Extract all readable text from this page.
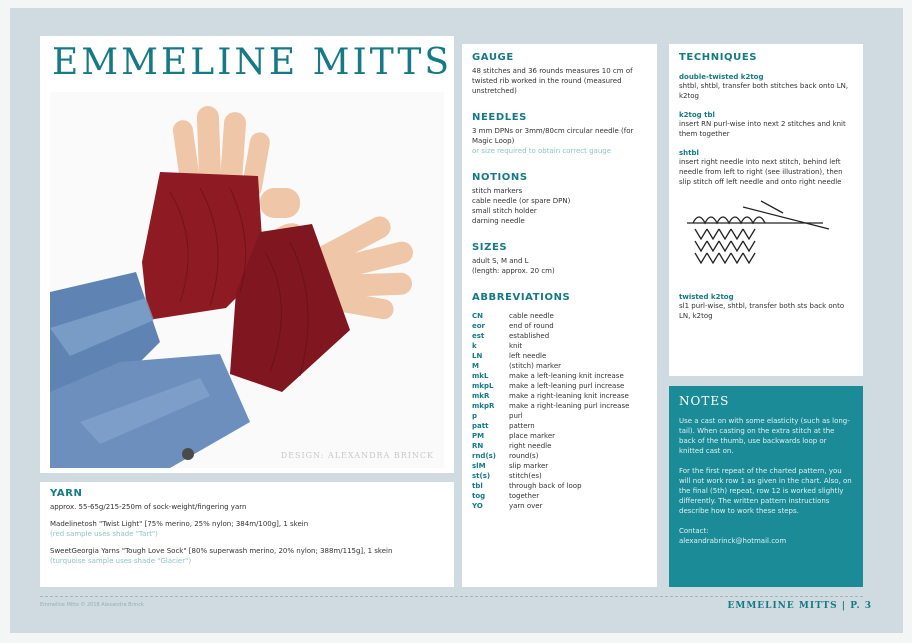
EMMELINE MITTS
DESIGN: ALEXANDRA BRINCK
YARN
approx. 55-65g/215-250m of sock-weight/fingering yarn
Madelinetosh "Twist Light" [75% merino, 25% nylon; 384m/100g], 1 skein
(red sample uses shade "Tart")
SweetGeorgia Yarns "Tough Love Sock" [80% superwash merino, 20% nylon; 388m/115g], 1 skein
(turquoise sample uses shade "Glacier")
GAUGE
48 stitches and 36 rounds measures 10 cm of twisted rib worked in the round (measured unstretched)
NEEDLES
3 mm DPNs or 3mm/80cm circular needle (for Magic Loop)
or size required to obtain correct gauge
NOTIONS
stitch markers
cable needle (or spare DPN)
small stitch holder
darning needle
SIZES
adult S, M and L
(length: approx. 20 cm)
ABBREVIATIONS
CN	cable needle
eor	end of round
est	established
k	knit
LN	left needle
M	(stitch) marker
mkL	make a left-leaning knit increase
mkpL	make a left-leaning purl increase
mkR	make a right-leaning knit increase
mkpR	make a right-leaning purl increase
p	purl
patt	pattern
PM	place marker
RN	right needle
rnd(s)	round(s)
slM	slip marker
st(s)	stitch(es)
tbl	through back of loop
tog	together
YO	yarn over
TECHNIQUES
double-twisted k2tog
shtbl, shtbl, transfer both stitches back onto LN, k2tog
k2tog tbl
insert RN purl-wise into next 2 stitches and knit them together
shtbl
insert right needle into next stitch, behind left needle from left to right (see illustration), then slip stitch off left needle and onto right needle
twisted k2tog
sl1 purl-wise, shtbl, transfer both sts back onto LN, k2tog
NOTES
Use a cast on with some elasticity (such as long-tail). When casting on the extra stitch at the back of the thumb, use backwards loop or knitted cast on.
For the first repeat of the charted pattern, you will not work row 1 as given in the chart. Also, on the final (5th) repeat, row 12 is worked slightly differently. The written pattern instructions describe how to work these steps.
Contact:
alexandrabrinck@hotmail.com
Emmeline Mitts © 2018 Alexandra Brinck	EMMELINE MITTS | P. 3
